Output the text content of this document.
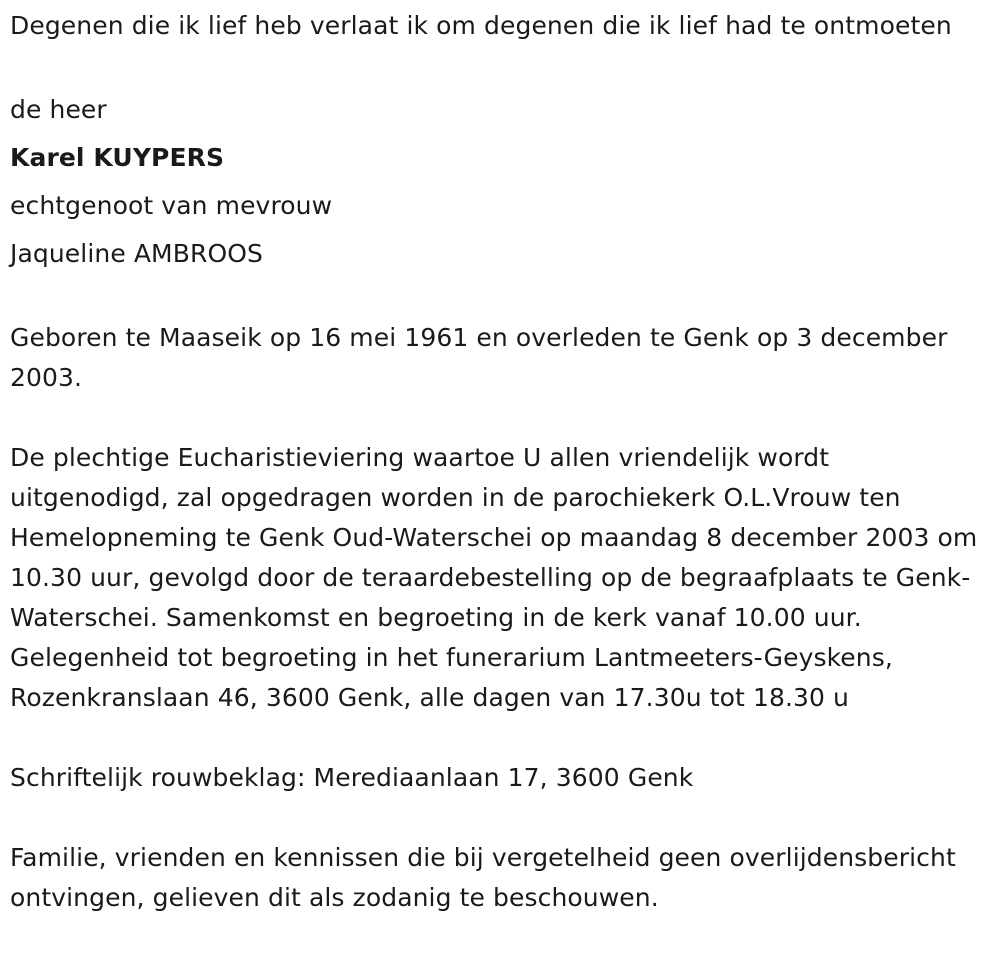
Degenen die ik lief heb verlaat ik om degenen die ik lief had te ontmoeten

de heer

Karel KUYPERS

echtgenoot van mevrouw

Jaqueline AMBROOS

Geboren te Maaseik op 16 mei 1961 en overleden te Genk op 3 december 2003.

De plechtige Eucharistieviering waartoe U allen vriendelijk wordt uitgenodigd, zal opgedragen worden in de parochiekerk O.L.Vrouw ten Hemelopneming te Genk Oud-Waterschei op maandag 8 december 2003 om 10.30 uur, gevolgd door de teraardebestelling op de begraafplaats te Genk-Waterschei. Samenkomst en begroeting in de kerk vanaf 10.00 uur. Gelegenheid tot begroeting in het funerarium Lantmeeters-Geyskens, Rozenkranslaan 46, 3600 Genk, alle dagen van 17.30u tot 18.30 u

Schriftelijk rouwbeklag: Merediaanlaan 17, 3600 Genk

Familie, vrienden en kennissen die bij vergetelheid geen overlijdensbericht ontvingen, gelieven dit als zodanig te beschouwen.
